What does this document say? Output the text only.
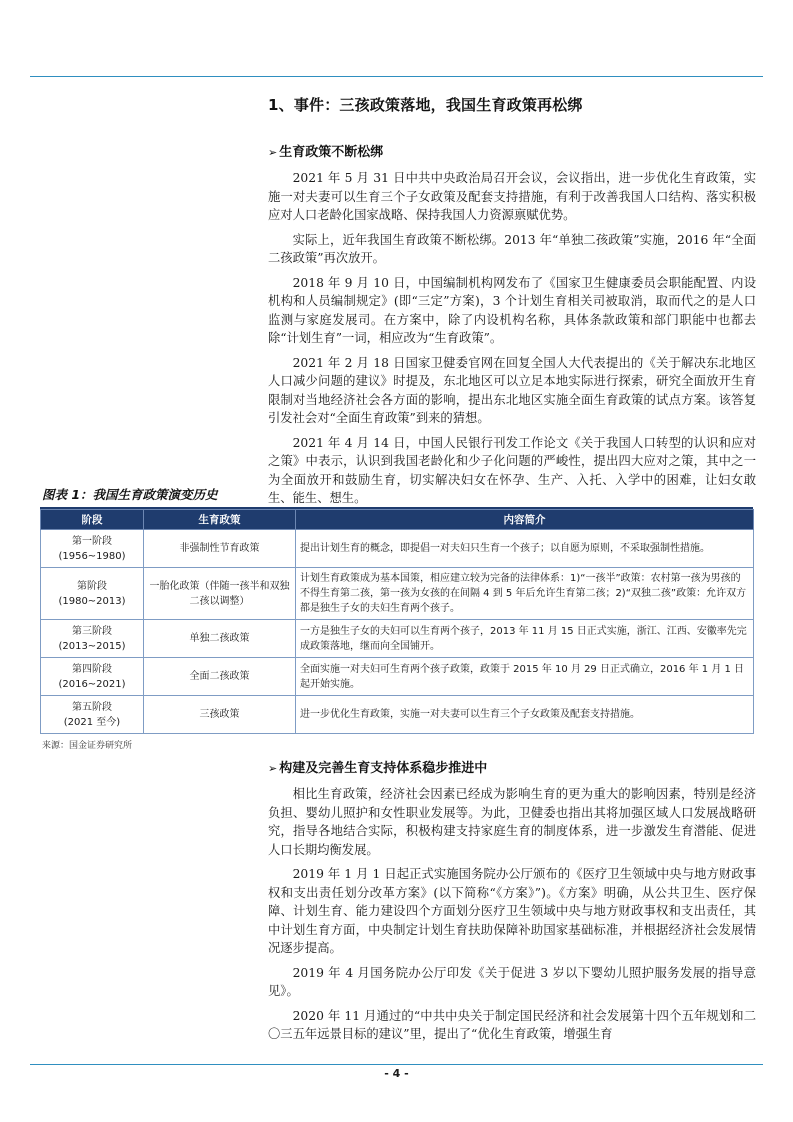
1、事件：三孩政策落地，我国生育政策再松绑
➢ 生育政策不断松绑

2021 年 5 月 31 日中共中央政治局召开会议，会议指出，进一步优化生育政策，实施一对夫妻可以生育三个子女政策及配套支持措施，有利于改善我国人口结构、落实积极应对人口老龄化国家战略、保持我国人力资源禀赋优势。

实际上，近年我国生育政策不断松绑。2013 年“单独二孩政策”实施，2016 年“全面二孩政策”再次放开。

2018 年 9 月 10 日，中国编制机构网发布了《国家卫生健康委员会职能配置、内设机构和人员编制规定》(即“三定”方案)，3 个计划生育相关司被取消，取而代之的是人口监测与家庭发展司。在方案中，除了内设机构名称，具体条款政策和部门职能中也都去除“计划生育”一词，相应改为“生育政策”。

2021 年 2 月 18 日国家卫健委官网在回复全国人大代表提出的《关于解决东北地区人口减少问题的建议》时提及，东北地区可以立足本地实际进行探索，研究全面放开生育限制对当地经济社会各方面的影响，提出东北地区实施全面生育政策的试点方案。该答复引发社会对“全面生育政策”到来的猜想。

2021 年 4 月 14 日，中国人民银行刊发工作论文《关于我国人口转型的认识和应对之策》中表示，认识到我国老龄化和少子化问题的严峻性，提出四大应对之策，其中之一为全面放开和鼓励生育，切实解决妇女在怀孕、生产、入托、入学中的困难，让妇女敢生、能生、想生。

图表 1：我国生育政策演变历史
阶段	生育政策	内容简介

第一阶段
(1956~1980)	非强制性节育政策	提出计划生育的概念，即提倡一对夫妇只生育一个孩子；以自愿为原则，不采取强制性措施。

第阶段
(1980~2013)	一胎化政策（伴随一孩半和双独二孩以调整）	计划生育政策成为基本国策，相应建立较为完备的法律体系：1)“一孩半”政策：农村第一孩为男孩的不得生育第二孩，第一孩为女孩的在间隔 4 到 5 年后允许生育第二孩；2)“双独二孩”政策：允许双方都是独生子女的夫妇生育两个孩子。

第三阶段
(2013~2015)	单独二孩政策	一方是独生子女的夫妇可以生育两个孩子，2013 年 11 月 15 日正式实施，浙江、江西、安徽率先完成政策落地，继而向全国铺开。

第四阶段
(2016~2021)	全面二孩政策	全面实施一对夫妇可生育两个孩子政策，政策于 2015 年 10 月 29 日正式确立，2016 年 1 月 1 日起开始实施。

第五阶段
(2021 至今)	三孩政策	进一步优化生育政策，实施一对夫妻可以生育三个子女政策及配套支持措施。
来源：国金证券研究所
➢ 构建及完善生育支持体系稳步推进中

相比生育政策，经济社会因素已经成为影响生育的更为重大的影响因素，特别是经济负担、婴幼儿照护和女性职业发展等。为此，卫健委也指出其将加强区域人口发展战略研究，指导各地结合实际，积极构建支持家庭生育的制度体系，进一步激发生育潜能、促进人口长期均衡发展。

2019 年 1 月 1 日起正式实施国务院办公厅颁布的《医疗卫生领域中央与地方财政事权和支出责任划分改革方案》(以下简称“《方案》”)。《方案》明确，从公共卫生、医疗保障、计划生育、能力建设四个方面划分医疗卫生领域中央与地方财政事权和支出责任，其中计划生育方面，中央制定计划生育扶助保障补助国家基础标准，并根据经济社会发展情况逐步提高。

2019 年 4 月国务院办公厅印发《关于促进 3 岁以下婴幼儿照护服务发展的指导意见》。

2020 年 11 月通过的“中共中央关于制定国民经济和社会发展第十四个五年规划和二〇三五年远景目标的建议”里，提出了“优化生育政策，增强生育

- 4 -
